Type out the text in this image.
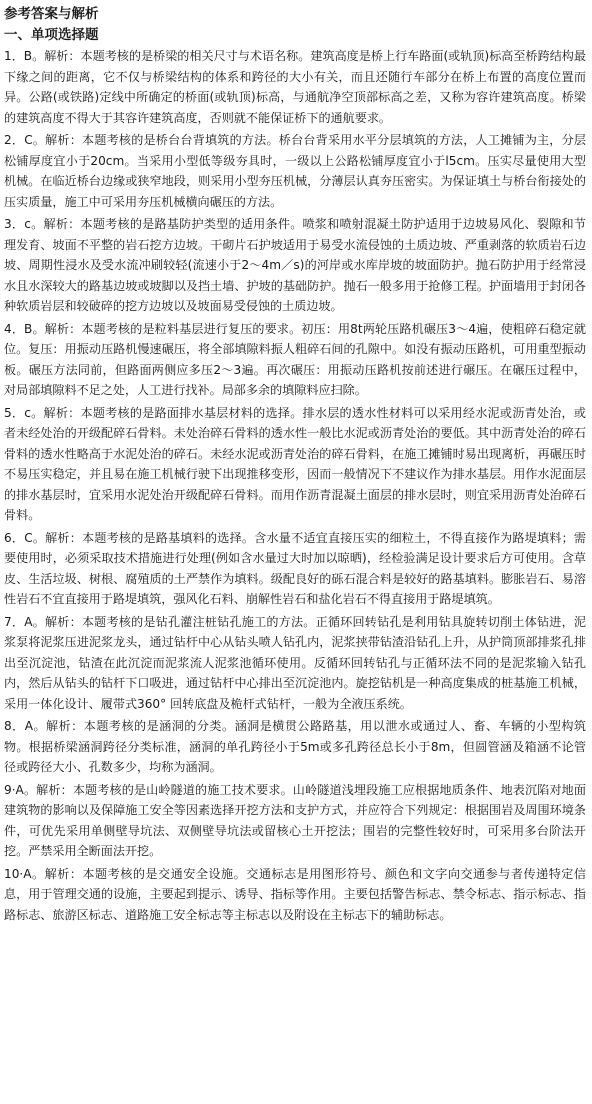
参考答案与解析

一、单项选择题

1．B。解析：本题考核的是桥梁的相关尺寸与术语名称。建筑高度是桥上行车路面(或轨顶)标高至桥跨结构最下缘之间的距离，它不仅与桥梁结构的体系和跨径的大小有关，而且还随行车部分在桥上布置的高度位置而异。公路(或铁路)定线中所确定的桥面(或轨顶)标高，与通航净空顶部标高之差，又称为容许建筑高度。桥梁的建筑高度不得大于其容许建筑高度，否则就不能保证桥下的通航要求。

2．C。解析：本题考核的是桥台台背填筑的方法。桥台台背采用水平分层填筑的方法，人工摊铺为主，分层松铺厚度宜小于20cm。当采用小型低等级夯具时，一级以上公路松铺厚度宜小于l5cm。压实尽量使用大型机械。在临近桥台边缘或狭窄地段，则采用小型夯压机械，分薄层认真夯压密实。为保证填土与桥台衔接处的压实质量，施工中可采用夯压机械横向碾压的方法。

3．c。解析：本题考核的是路基防护类型的适用条件。喷浆和喷射混凝土防护适用于边坡易风化、裂隙和节理发育、坡面不平整的岩石挖方边坡。干砌片石护坡适用于易受水流侵蚀的土质边坡、严重剥落的软质岩石边坡、周期性浸水及受水流冲刷较轻(流速小于2～4m／s)的河岸或水库岸坡的坡面防护。抛石防护用于经常浸水且水深较大的路基边坡或坡脚以及挡土墙、护坡的基础防护。抛石一般多用于抢修工程。护面墙用于封闭各种软质岩层和较破碎的挖方边坡以及坡面易受侵蚀的土质边坡。

4．B。解析：本题考核的是粒料基层进行复压的要求。初压：用8t两轮压路机碾压3～4遍，使粗碎石稳定就位。复压：用振动压路机慢速碾压，将全部填隙料振人粗碎石间的孔隙中。如没有振动压路机，可用重型振动板。碾压方法同前，但路面两侧应多压2～3遍。再次碾压：用振动压路机按前述进行碾压。在碾压过程中，对局部填隙料不足之处，人工进行找补。局部多余的填隙料应扫除。

5．c。解析：本题考核的是路面排水基层材料的选择。排水层的透水性材料可以采用经水泥或沥青处治，或者未经处治的开级配碎石骨料。未处治碎石骨料的透水性一般比水泥或沥青处治的要低。其中沥青处治的碎石骨料的透水性略高于水泥处治的碎石。未经水泥或沥青处治的碎石骨料，在施工摊铺时易出现离析，再碾压时不易压实稳定，并且易在施工机械行驶下出现推移变形，因而一般情况下不建议作为排水基层。用作水泥面层的排水基层时，宜采用水泥处治开级配碎石骨料。而用作沥青混凝土面层的排水层时，则宜采用沥青处治碎石骨料。

6．C。解析：本题考核的是路基填料的选择。含水量不适宜直接压实的细粒土，不得直接作为路堤填料；需要使用时，必须采取技术措施进行处理(例如含水量过大时加以晾晒)，经检验满足设计要求后方可使用。含草皮、生活垃圾、树根、腐殖质的土严禁作为填料。级配良好的砾石混合料是较好的路基填料。膨胀岩石、易溶性岩石不宜直接用于路堤填筑，强风化石料、崩解性岩石和盐化岩石不得直接用于路堤填筑。

7．A。解析：本题考核的是钻孔灌注桩钻孔施工的方法。正循环回转钻孔是利用钻具旋转切削土体钻进，泥浆泵将泥浆压进泥浆龙头，通过钻杆中心从钻头喷人钻孔内，泥浆挟带钻渣沿钻孔上升，从护筒顶部排浆孔排出至沉淀池，钻渣在此沉淀而泥浆流人泥浆池循环使用。反循环回转钻孔与正循环法不同的是泥浆输入钻孔内，然后从钻头的钻杆下口吸进，通过钻杆中心排出至沉淀池内。旋挖钻机是一种高度集成的桩基施工机械，采用一体化设计、履带式360° 回转底盘及桅杆式钻杆，一般为全液压系统。

8．A。解析：本题考核的是涵洞的分类。涵洞是横贯公路路基，用以泄水或通过人、畜、车辆的小型构筑物。根据桥梁涵洞跨径分类标准，涵洞的单孔跨径小于5m或多孔跨径总长小于8m，但圆管涵及箱涵不论管径或跨径大小、孔数多少，均称为涵洞。

9·A。解析：本题考核的是山岭隧道的施工技术要求。山岭隧道浅埋段施工应根据地质条件、地表沉陷对地面建筑物的影响以及保障施工安全等因素选择开挖方法和支护方式，并应符合下列规定：根据围岩及周围环境条件，可优先采用单侧壁导坑法、双侧壁导坑法或留核心土开挖法；围岩的完整性较好时，可采用多台阶法开挖。严禁采用全断面法开挖。

10·A。解析：本题考核的是交通安全设施。交通标志是用图形符号、颜色和文字向交通参与者传递特定信息，用于管理交通的设施，主要起到提示、诱导、指标等作用。主要包括警告标志、禁令标志、指示标志、指路标志、旅游区标志、道路施工安全标志等主标志以及附设在主标志下的辅助标志。
